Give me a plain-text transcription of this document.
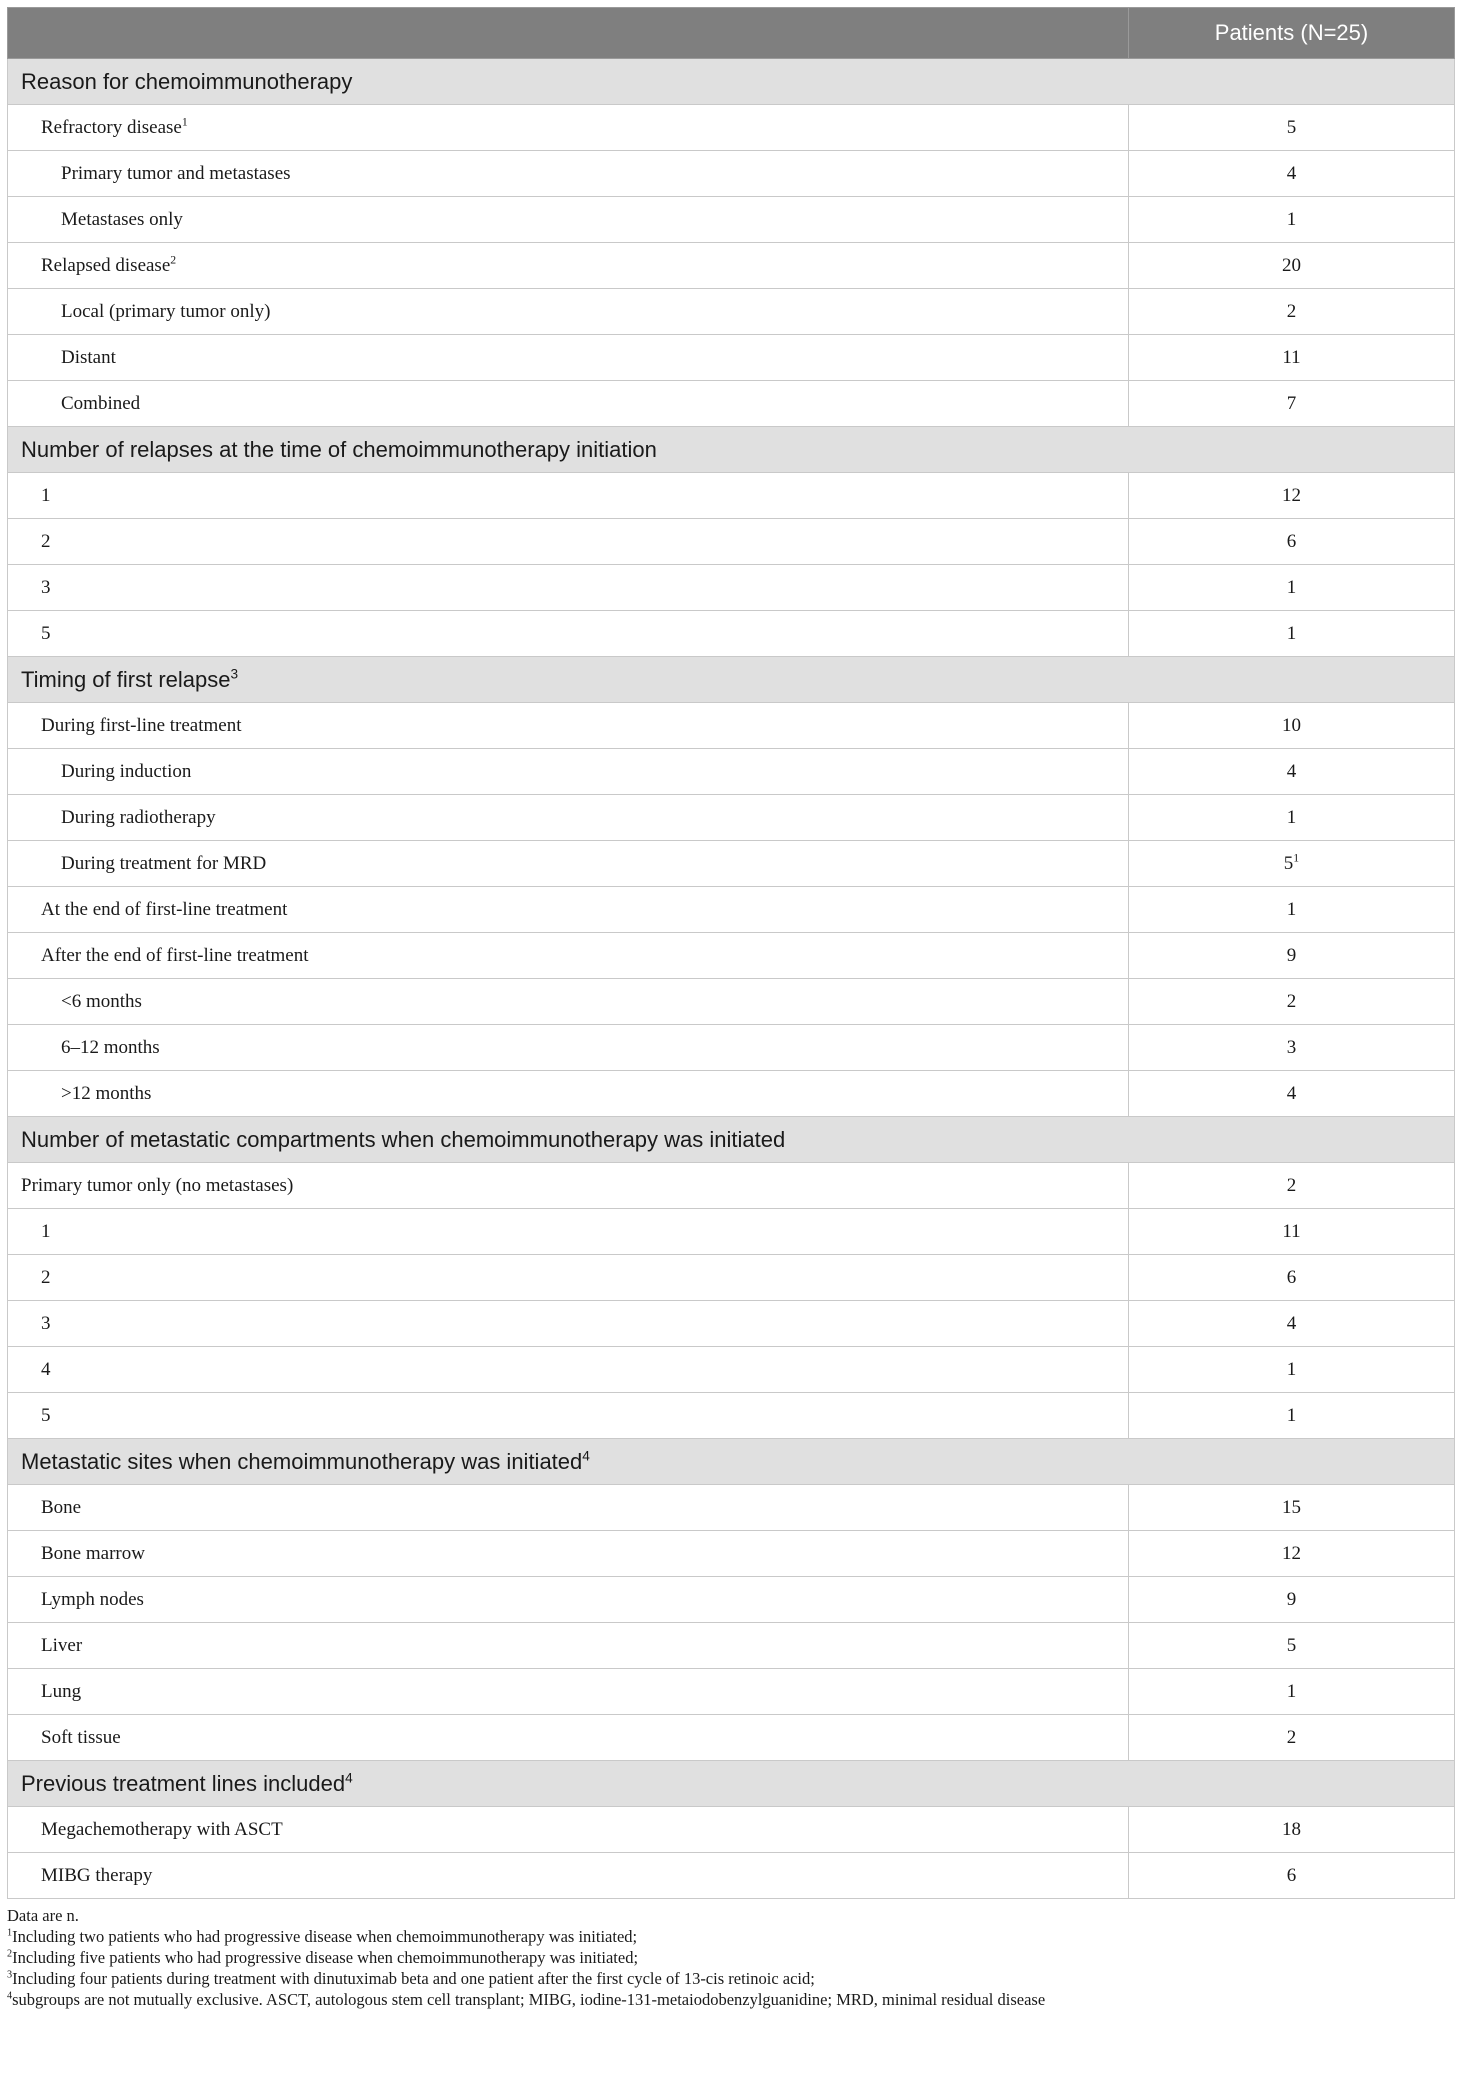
	Patients (N=25)
Reason for chemoimmunotherapy	
Refractory disease$^1$	5
Primary tumor and metastases	4
Metastases only	1
Relapsed disease$^2$	20
Local (primary tumor only)	2
Distant	11
Combined	7
Number of relapses at the time of chemoimmunotherapy initiation	
1	12
2	6
3	1
5	1
Timing of first relapse$^3$
During first-line treatment	10
During induction	4
During radiotherapy	1
During treatment for MRD	$5^1$
At the end of first-line treatment	1
After the end of first-line treatment	9
<6 months	2
6–12 months	3
>12 months	4
Number of metastatic compartments when chemoimmunotherapy was initiated	
Primary tumor only (no metastases)	2
1	11
2	6
3	4
4	1
5	1
Metastatic sites when chemoimmunotherapy was initiated$^4$
Bone	15
Bone marrow	12
Lymph nodes	9
Liver	5
Lung	1
Soft tissue	2
Previous treatment lines included$^4$
Megachemotherapy with ASCT	18
MIBG therapy	6
Data are n.
$^1$Including two patients who had progressive disease when chemoimmunotherapy was initiated;
$^2$Including five patients who had progressive disease when chemoimmunotherapy was initiated;
$^3$Including four patients during treatment with dinutuximab beta and one patient after the first cycle of 13-cis retinoic acid;
$^4$subgroups are not mutually exclusive. ASCT, autologous stem cell transplant; MIBG, iodine-131-metaiodobenzylguanidine; MRD, minimal residual disease
